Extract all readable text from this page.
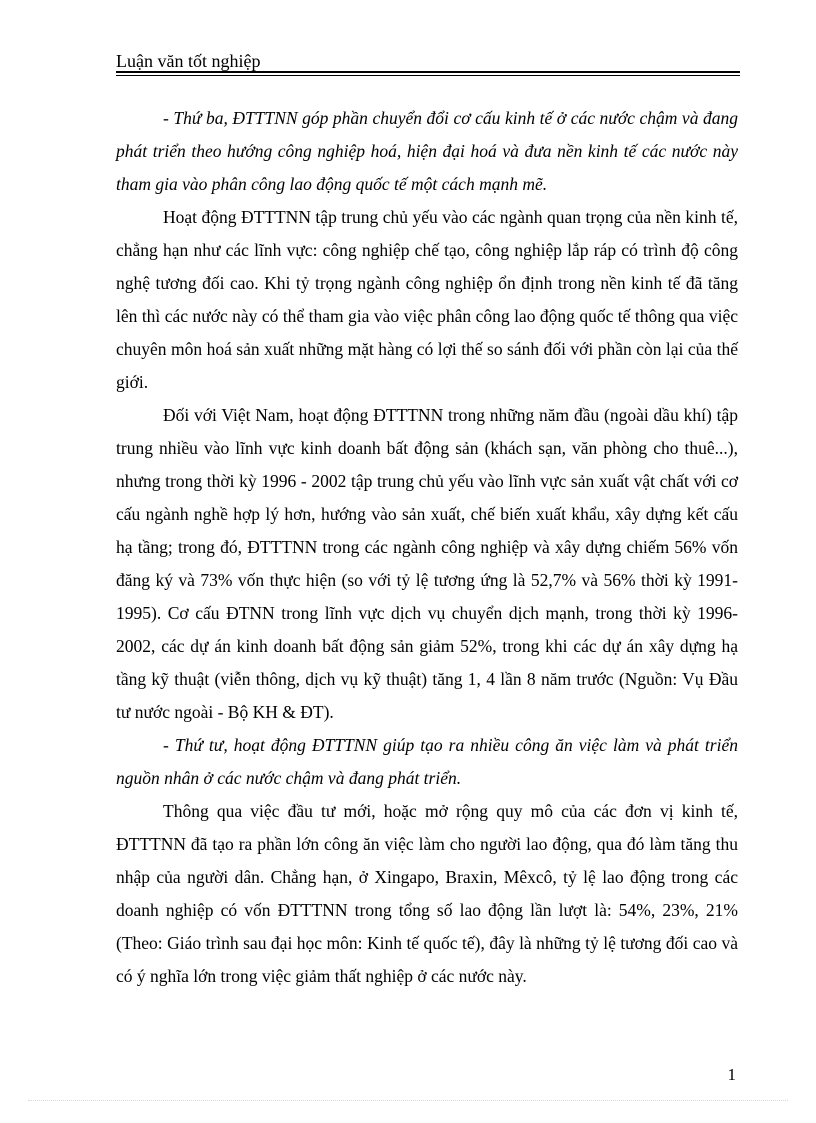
Luận văn tốt nghiệp

- Thứ ba, ĐTTTNN góp phần chuyển đổi cơ cấu kinh tế ở các nước chậm và đang phát triển theo hướng công nghiệp hoá, hiện đại hoá và đưa nền kinh tế các nước này tham gia vào phân công lao động quốc tế một cách mạnh mẽ.

Hoạt động ĐTTTNN tập trung chủ yếu vào các ngành quan trọng của nền kinh tế, chẳng hạn như các lĩnh vực: công nghiệp chế tạo, công nghiệp lắp ráp có trình độ công nghệ tương đối cao. Khi tỷ trọng ngành công nghiệp ổn định trong nền kinh tế đã tăng lên thì các nước này có thể tham gia vào việc phân công lao động quốc tế thông qua việc chuyên môn hoá sản xuất những mặt hàng có lợi thế so sánh đối với phần còn lại của thế giới.

Đối với Việt Nam, hoạt động ĐTTTNN trong những năm đầu (ngoài dầu khí) tập trung nhiều vào lĩnh vực kinh doanh bất động sản (khách sạn, văn phòng cho thuê...), nhưng trong thời kỳ 1996 - 2002 tập trung chủ yếu vào lĩnh vực sản xuất vật chất với cơ cấu ngành nghề hợp lý hơn, hướng vào sản xuất, chế biến xuất khẩu, xây dựng kết cấu hạ tầng; trong đó, ĐTTTNN trong các ngành công nghiệp và xây dựng chiếm 56% vốn đăng ký và 73% vốn thực hiện (so với tỷ lệ tương ứng là 52,7% và 56% thời kỳ 1991-1995). Cơ cấu ĐTNN trong lĩnh vực dịch vụ chuyển dịch mạnh, trong thời kỳ 1996-2002, các dự án kinh doanh bất động sản giảm 52%, trong khi các dự án xây dựng hạ tầng kỹ thuật (viễn thông, dịch vụ kỹ thuật) tăng 1, 4 lần 8 năm trước (Nguồn: Vụ Đầu tư nước ngoài - Bộ KH & ĐT).

- Thứ tư, hoạt động ĐTTTNN giúp tạo ra nhiều công ăn việc làm và phát triển nguồn nhân ở các nước chậm và đang phát triển.

Thông qua việc đầu tư mới, hoặc mở rộng quy mô của các đơn vị kinh tế, ĐTTTNN đã tạo ra phần lớn công ăn việc làm cho người lao động, qua đó làm tăng thu nhập của người dân. Chẳng hạn, ở Xingapo, Braxin, Mêxcô, tỷ lệ lao động trong các doanh nghiệp có vốn ĐTTTNN trong tổng số lao động lần lượt là: 54%, 23%, 21% (Theo: Giáo trình sau đại học môn: Kinh tế quốc tế), đây là những tỷ lệ tương đối cao và có ý nghĩa lớn trong việc giảm thất nghiệp ở các nước này.

1
